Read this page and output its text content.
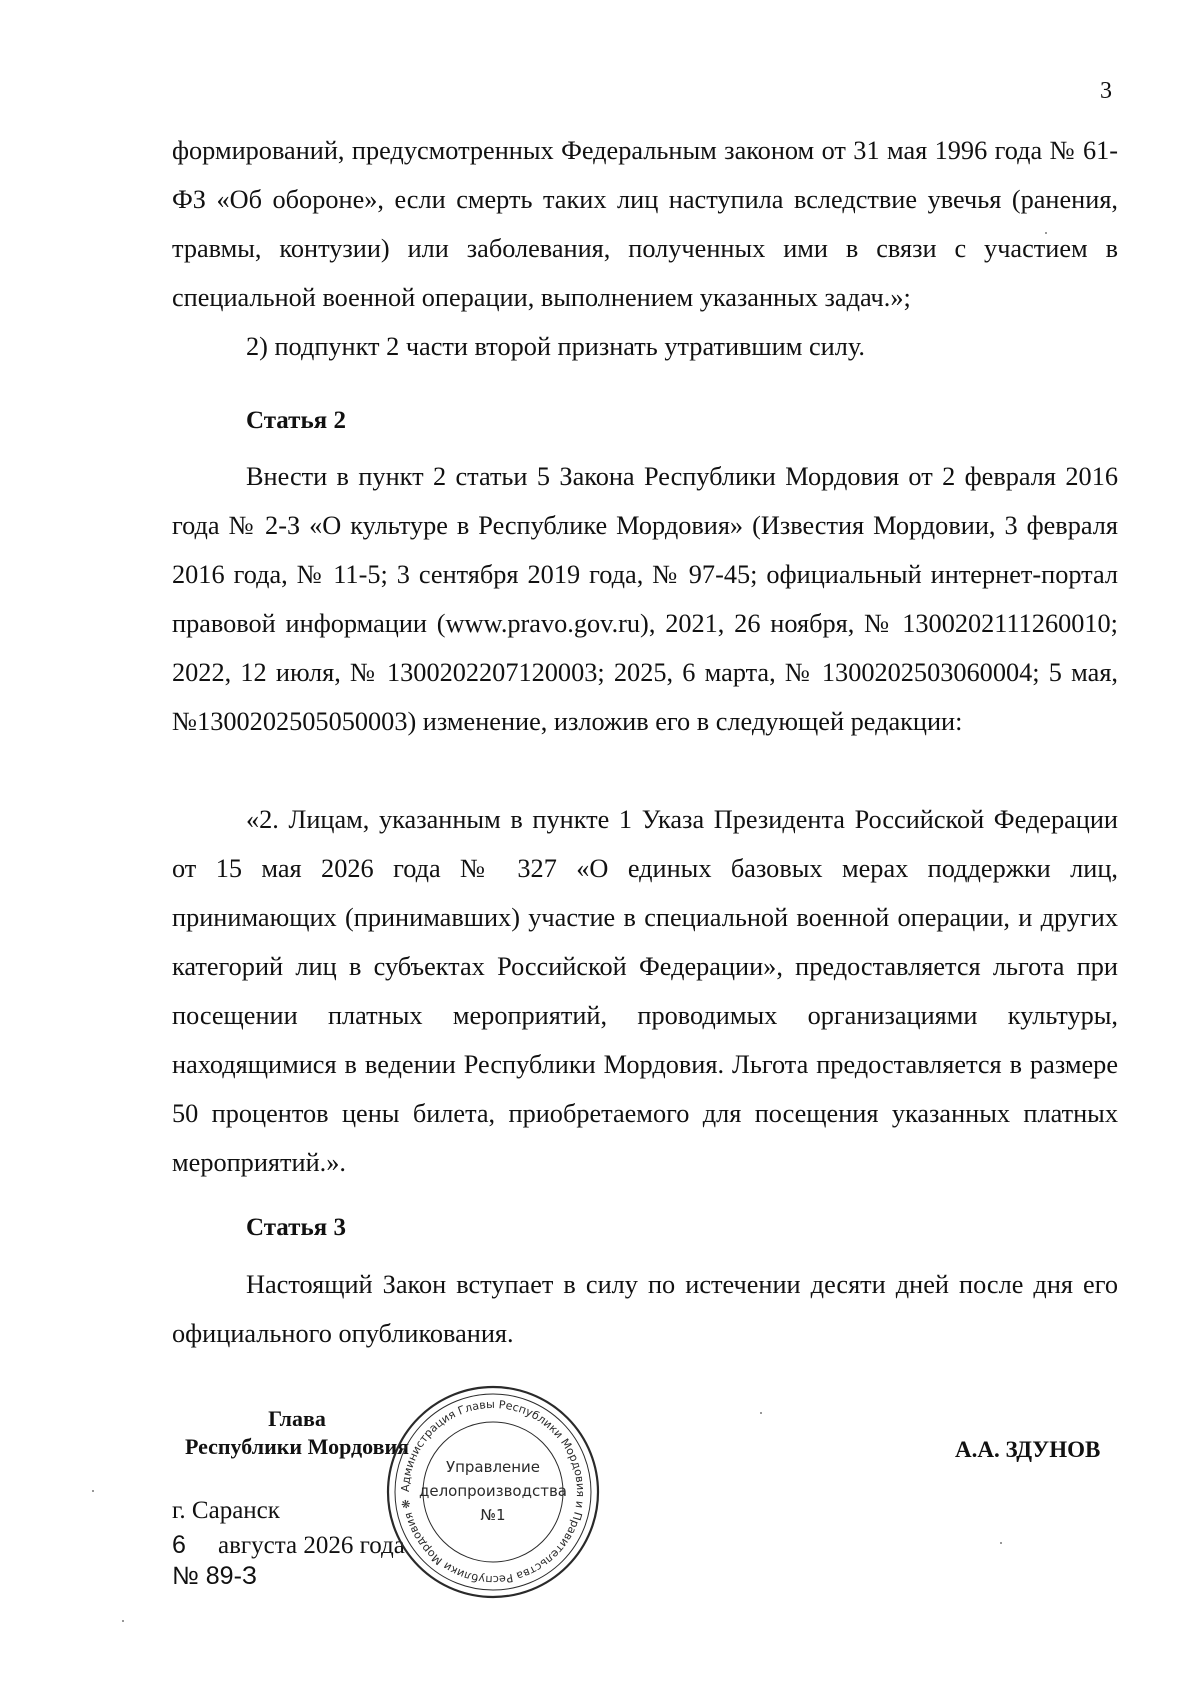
3

формирований, предусмотренных Федеральным законом от 31 мая 1996 года № 61-ФЗ «Об обороне», если смерть таких лиц наступила вследствие увечья (ранения, травмы, контузии) или заболевания, полученных ими в связи с участием в специальной военной операции, выполнением указанных задач.»;

2) подпункт 2 части второй признать утратившим силу.

Статья 2

Внести в пункт 2 статьи 5 Закона Республики Мордовия от 2 февраля 2016 года № 2-З «О культуре в Республике Мордовия» (Известия Мордовии, 3 февраля 2016 года, № 11-5; 3 сентября 2019 года, № 97-45; официальный интернет-портал правовой информации (www.pravo.gov.ru), 2021, 26 ноября, № 1300202111260010; 2022, 12 июля, № 1300202207120003; 2025, 6 марта, № 1300202503060004; 5 мая, №1300202505050003) изменение, изложив его в следующей редакции:

«2. Лицам, указанным в пункте 1 Указа Президента Российской Федерации от 15 мая 2026 года № 327 «О единых базовых мерах поддержки лиц, принимающих (принимавших) участие в специальной военной операции, и других категорий лиц в субъектах Российской Федерации», предоставляется льгота при посещении платных мероприятий, проводимых организациями культуры, находящимися в ведении Республики Мордовия. Льгота предоставляется в размере 50 процентов цены билета, приобретаемого для посещения указанных платных мероприятий.».

Статья 3

Настоящий Закон вступает в силу по истечении десяти дней после дня его официального опубликования.

Глава
Республики Мордовия	А.А. ЗДУНОВ
г. Саранск
6 августа 2026 года
№ 89-З
Администрация Главы Республики Мордовия и Правительства Республики Мордовия ❋
Управление
делопроизводства
№1
